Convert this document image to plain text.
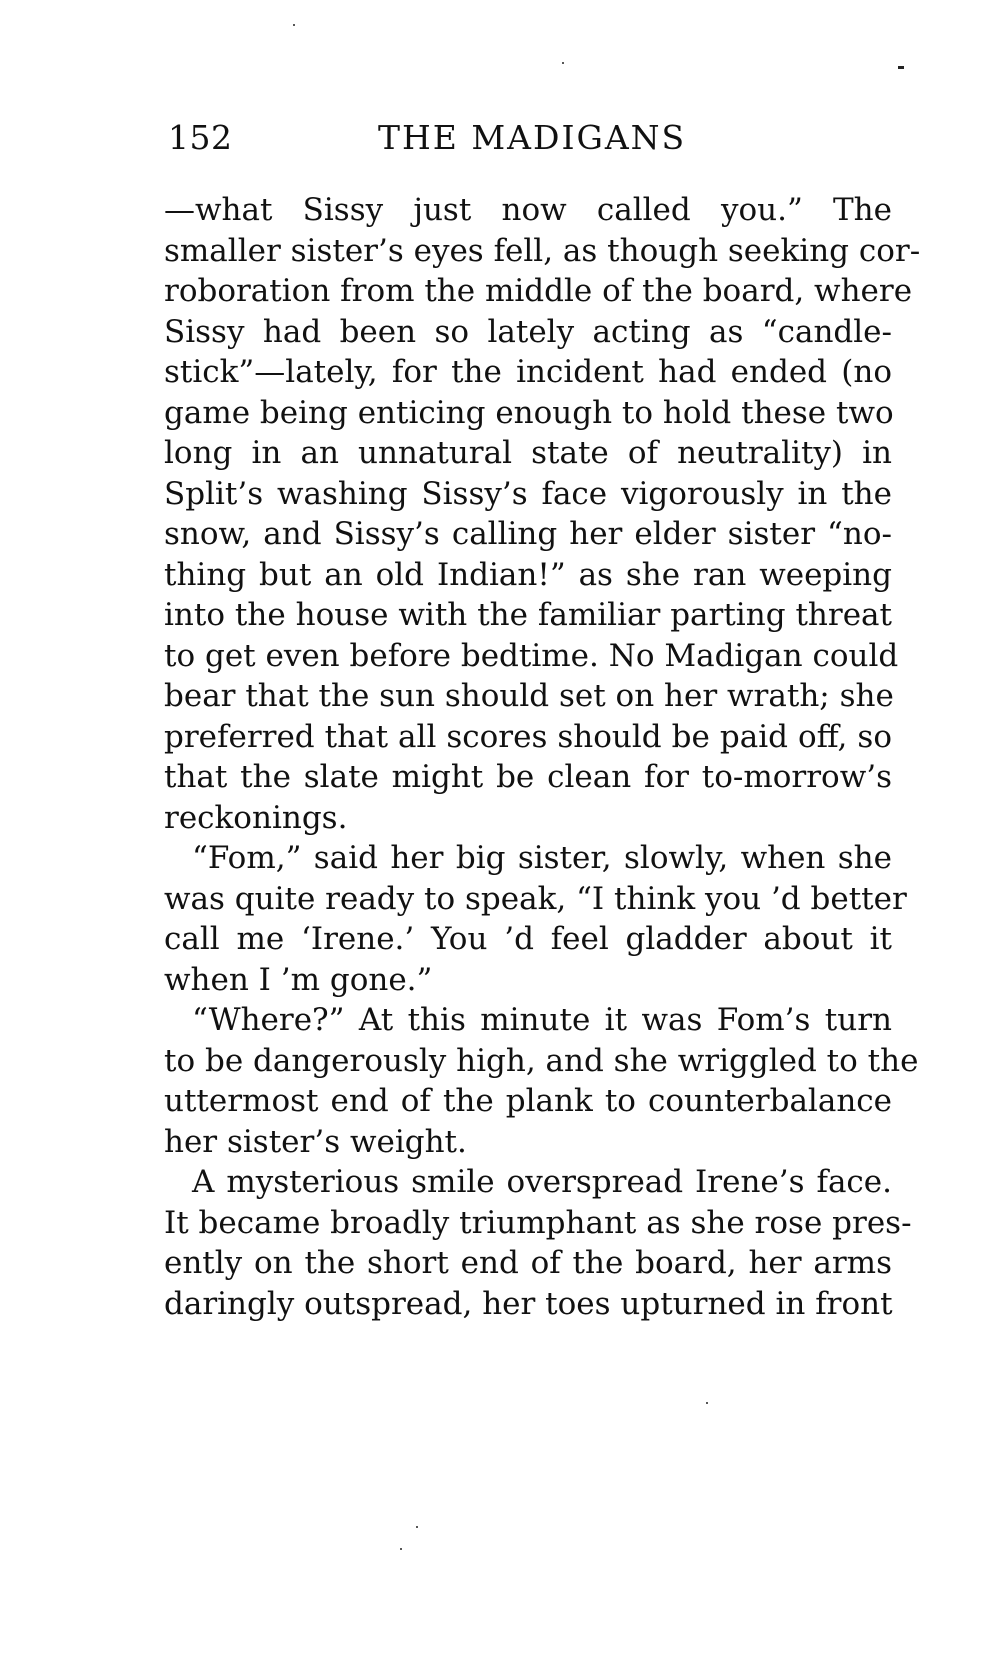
152	THE MADIGANS
—what Sissy just now called you.” The
smaller sister’s eyes fell, as though seeking cor-
roboration from the middle of the board, where
Sissy had been so lately acting as “candle-
stick”—lately, for the incident had ended (no
game being enticing enough to hold these two
long in an unnatural state of neutrality) in
Split’s washing Sissy’s face vigorously in the
snow, and Sissy’s calling her elder sister “no-
thing but an old Indian!” as she ran weeping
into the house with the familiar parting threat
to get even before bedtime. No Madigan could
bear that the sun should set on her wrath; she
preferred that all scores should be paid off, so
that the slate might be clean for to-morrow’s
reckonings.
“Fom,” said her big sister, slowly, when she
was quite ready to speak, “I think you ’d better
call me ‘Irene.’ You ’d feel gladder about it
when I ’m gone.”
“Where?” At this minute it was Fom’s turn
to be dangerously high, and she wriggled to the
uttermost end of the plank to counterbalance
her sister’s weight.
A mysterious smile overspread Irene’s face.
It became broadly triumphant as she rose pres-
ently on the short end of the board, her arms
daringly outspread, her toes upturned in front
